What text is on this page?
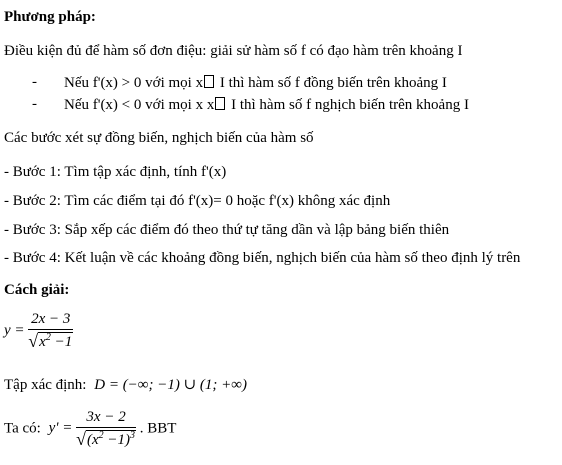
Phương pháp:
Điều kiện đủ để hàm số đơn điệu: giải sử hàm số f có đạo hàm trên khoảng I
- Nếu f'(x) > 0 với mọi x I thì hàm số f đồng biến trên khoảng I
- Nếu f'(x) < 0 với mọi x x I thì hàm số f nghịch biến trên khoảng I
Các bước xét sự đồng biến, nghịch biến của hàm số
- Bước 1: Tìm tập xác định, tính f'(x)
- Bước 2: Tìm các điểm tại đó f'(x)= 0 hoặc f'(x) không xác định
- Bước 3: Sắp xếp các điểm đó theo thứ tự tăng dần và lập bảng biến thiên
- Bước 4: Kết luận về các khoảng đồng biến, nghịch biến của hàm số theo định lý trên
Cách giải:
$y = \frac{2x - 3}{√x^2 -1}$
Tập xác định: D = (−∞; −1) ∪ (1; +∞)
Ta có: $y' = \frac{3x - 2}{√(x^2 -1)^3}$ . BBT
